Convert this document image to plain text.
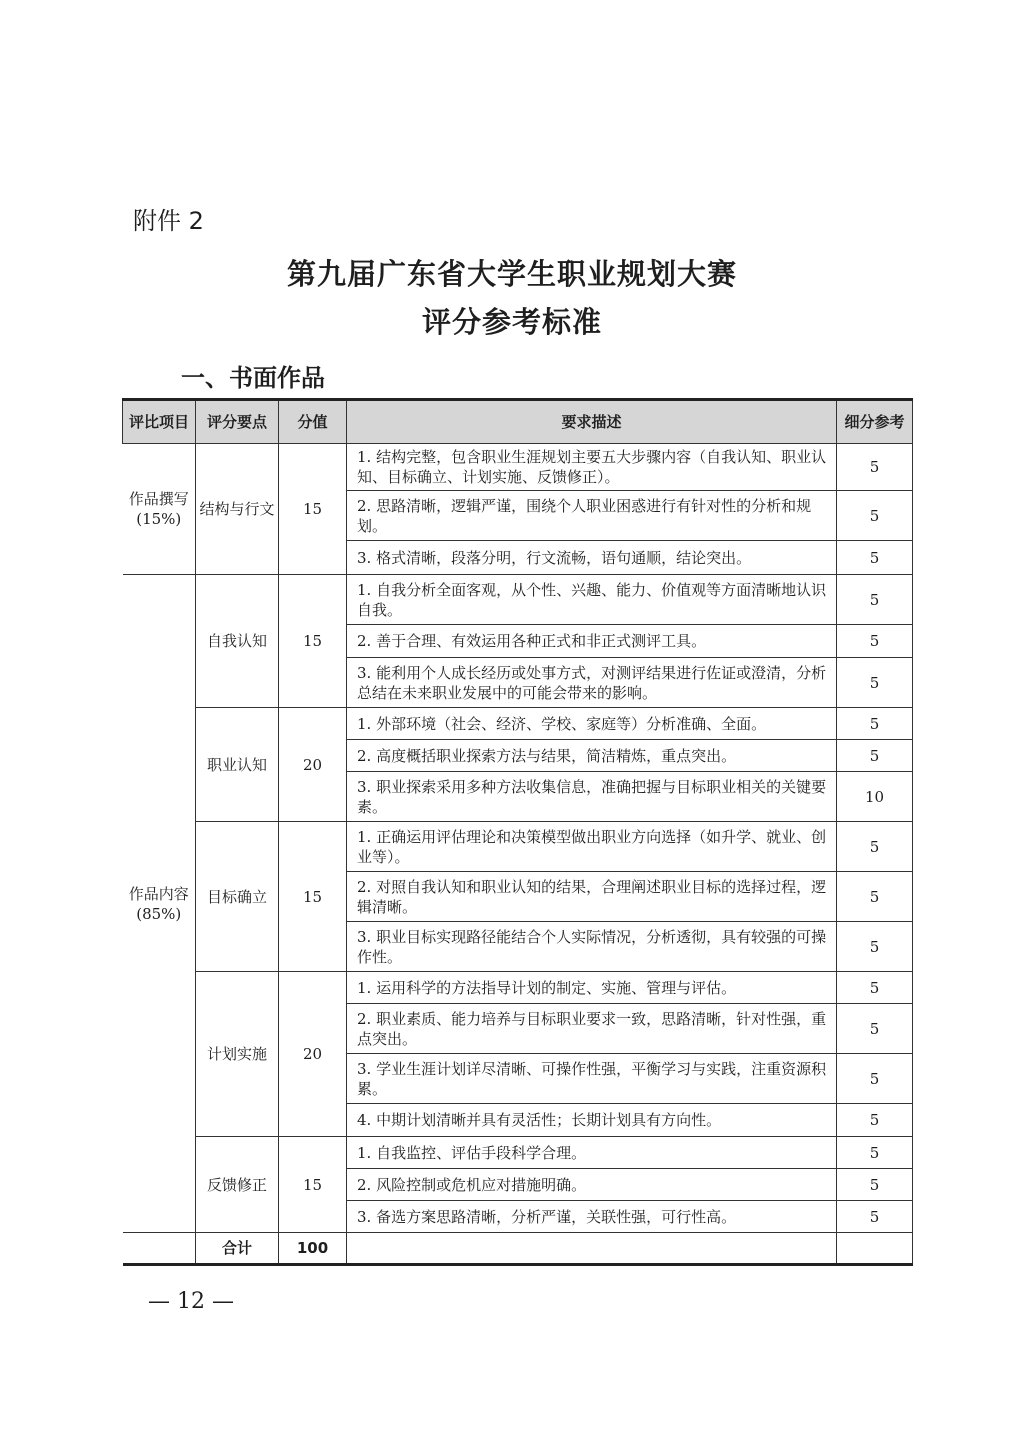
附件 2
第九届广东省大学生职业规划大赛
评分参考标准
一、书面作品
评比项目	评分要点	分值	要求描述	细分参考
作品撰写(15%)	结构与行文	15	1. 结构完整，包含职业生涯规划主要五大步骤内容（自我认知、职业认知、目标确立、计划实施、反馈修正）。	5
			2. 思路清晰，逻辑严谨，围绕个人职业困惑进行有针对性的分析和规划。	5
			3. 格式清晰，段落分明，行文流畅，语句通顺，结论突出。	5
作品内容(85%)	自我认知	15	1. 自我分析全面客观，从个性、兴趣、能力、价值观等方面清晰地认识自我。	5
			2. 善于合理、有效运用各种正式和非正式测评工具。	5
			3. 能利用个人成长经历或处事方式，对测评结果进行佐证或澄清，分析总结在未来职业发展中的可能会带来的影响。	5
	职业认知	20	1. 外部环境（社会、经济、学校、家庭等）分析准确、全面。	5
			2. 高度概括职业探索方法与结果，简洁精炼，重点突出。	5
			3. 职业探索采用多种方法收集信息，准确把握与目标职业相关的关键要素。	10
	目标确立	15	1. 正确运用评估理论和决策模型做出职业方向选择（如升学、就业、创业等）。	5
			2. 对照自我认知和职业认知的结果，合理阐述职业目标的选择过程，逻辑清晰。	5
			3. 职业目标实现路径能结合个人实际情况，分析透彻，具有较强的可操作性。	5
	计划实施	20	1. 运用科学的方法指导计划的制定、实施、管理与评估。	5
			2. 职业素质、能力培养与目标职业要求一致，思路清晰，针对性强，重点突出。	5
			3. 学业生涯计划详尽清晰、可操作性强，平衡学习与实践，注重资源积累。	5
			4. 中期计划清晰并具有灵活性；长期计划具有方向性。	5
	反馈修正	15	1. 自我监控、评估手段科学合理。	5
			2. 风险控制或危机应对措施明确。	5
			3. 备选方案思路清晰，分析严谨，关联性强，可行性高。	5
	合计	100		
— 12 —
